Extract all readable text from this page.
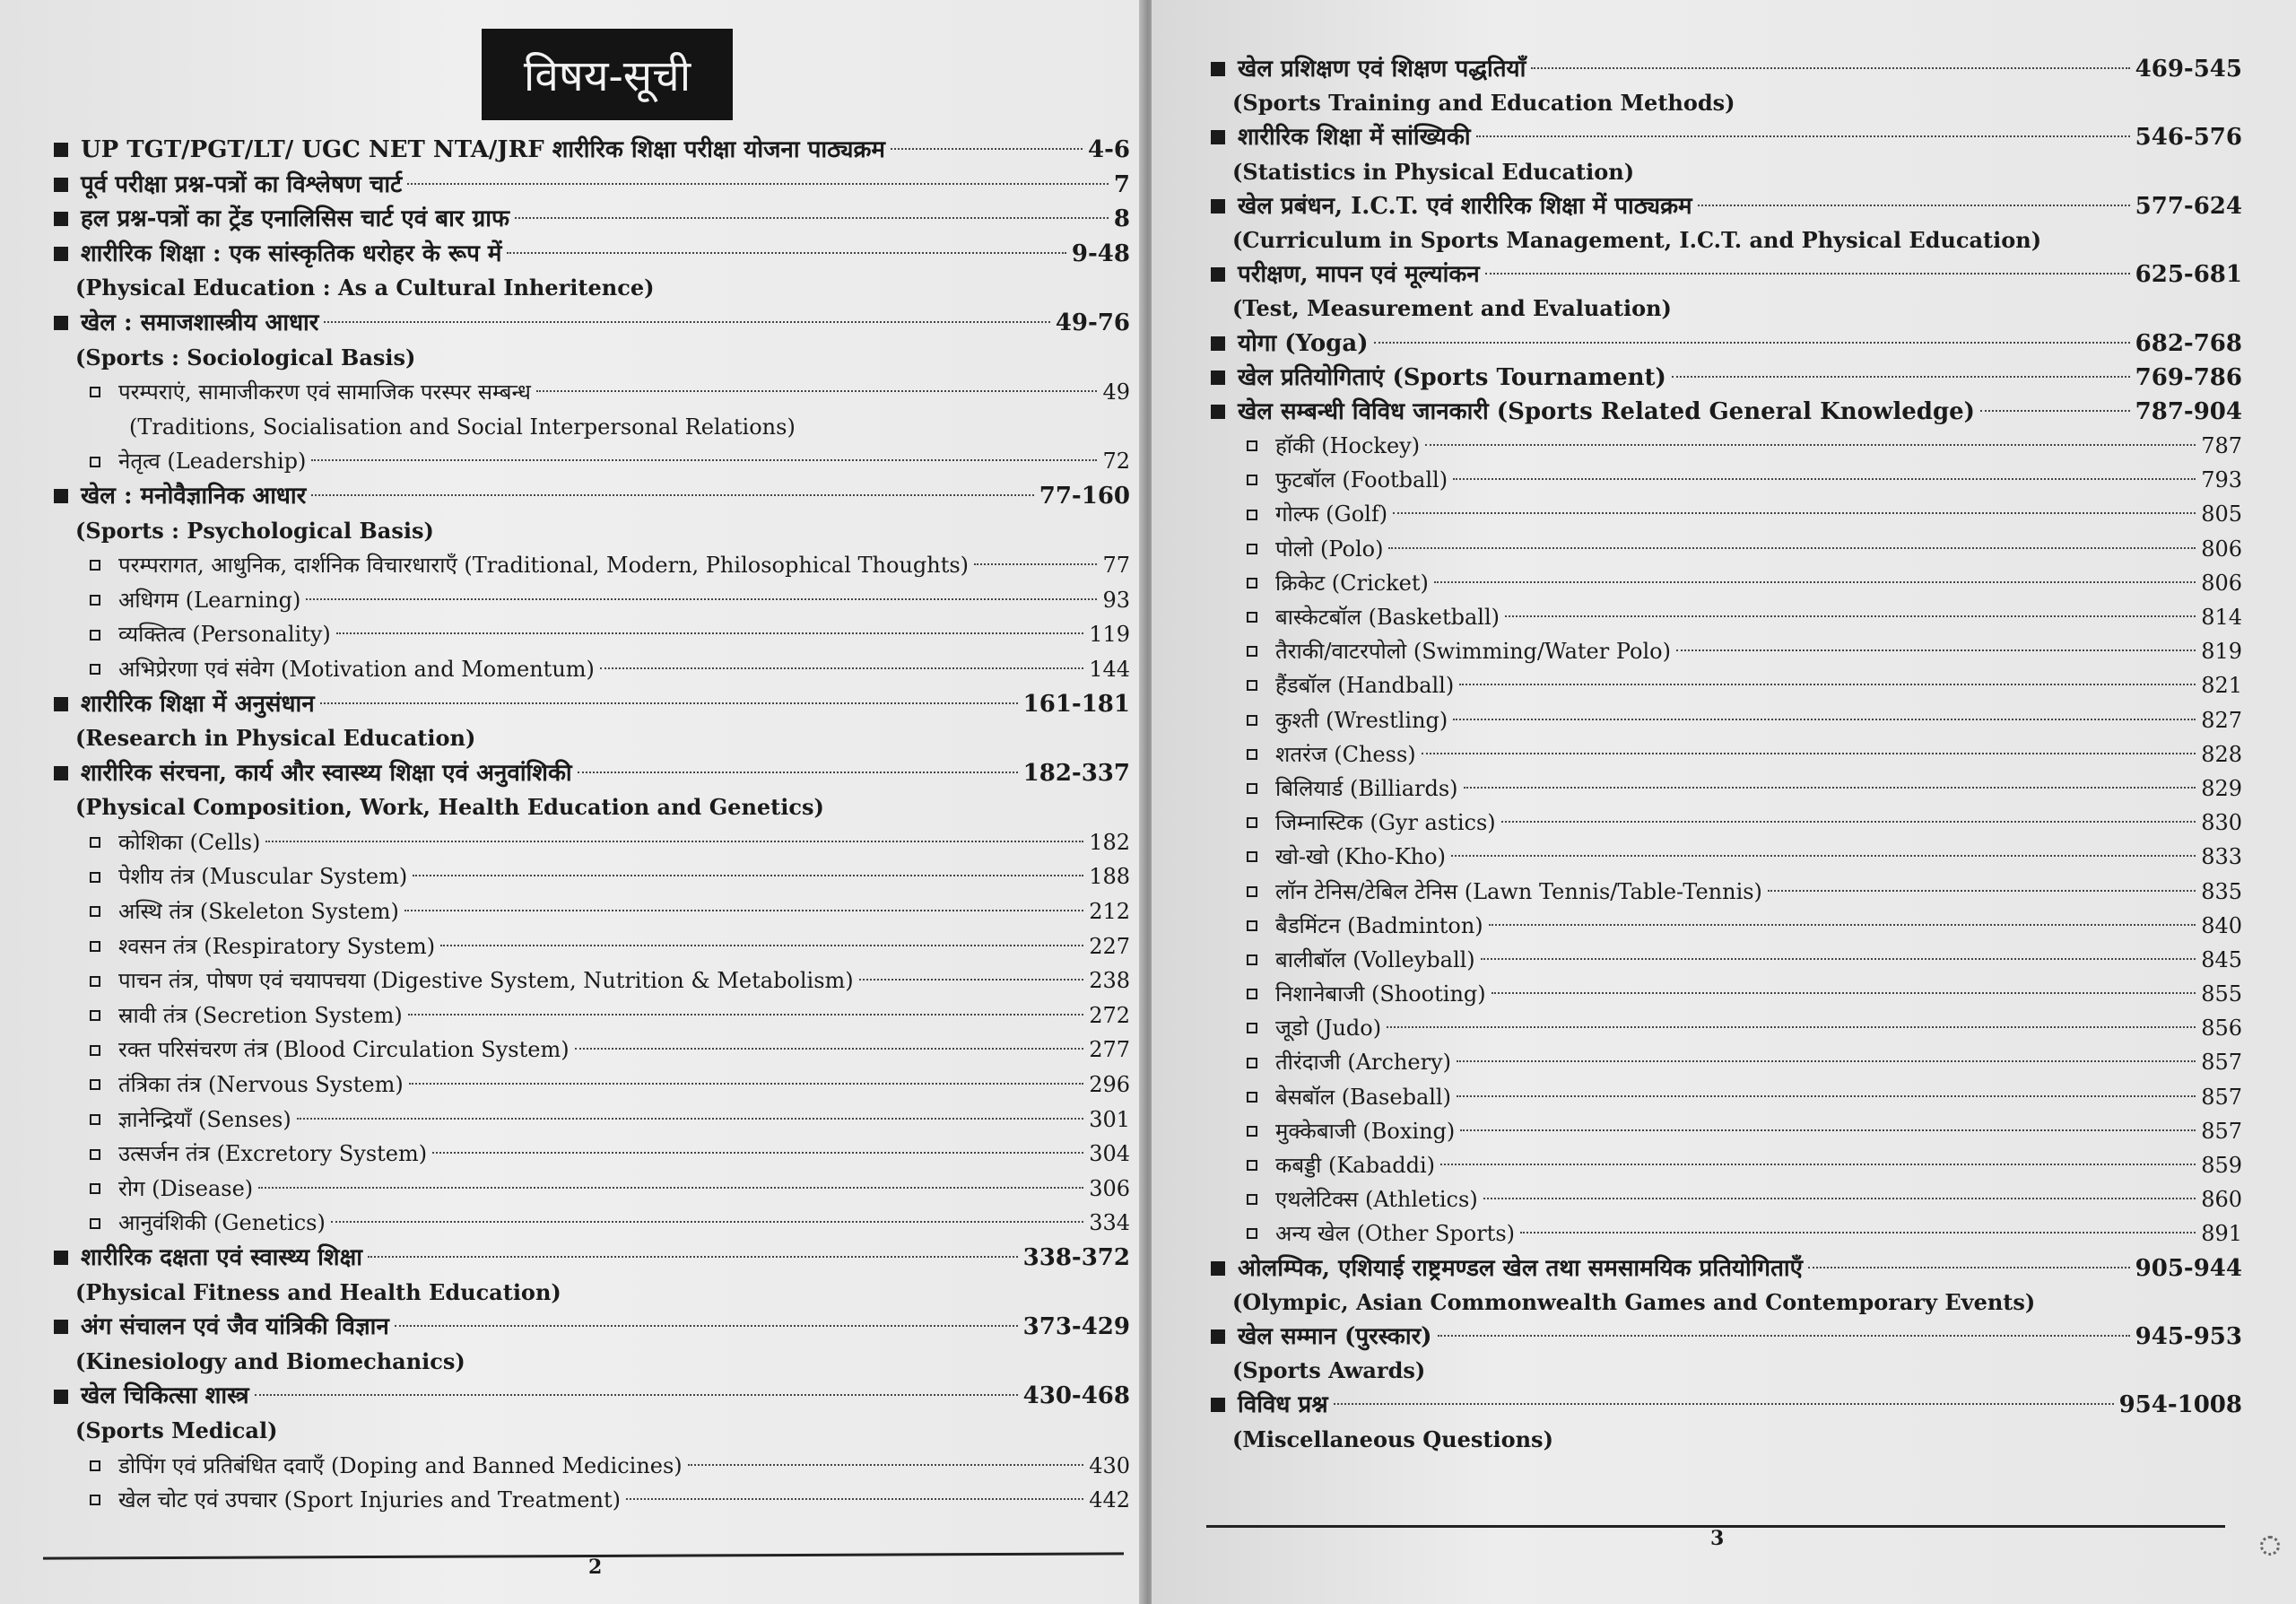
विषय-सूची
UP TGT/PGT/LT/ UGC NET NTA/JRF शारीरिक शिक्षा परीक्षा योजना पाठ्यक्रम	4-6
पूर्व परीक्षा प्रश्न-पत्रों का विश्लेषण चार्ट	7
हल प्रश्न-पत्रों का ट्रेंड एनालिसिस चार्ट एवं बार ग्राफ	8
शारीरिक शिक्षा : एक सांस्कृतिक धरोहर के रूप में	9-48
(Physical Education : As a Cultural Inheritence)
खेल : समाजशास्त्रीय आधार	49-76
(Sports : Sociological Basis)
परम्पराएं, सामाजीकरण एवं सामाजिक परस्पर सम्बन्ध	49
(Traditions, Socialisation and Social Interpersonal Relations)
नेतृत्व (Leadership)	72
खेल : मनोवैज्ञानिक आधार	77-160
(Sports : Psychological Basis)
परम्परागत, आधुनिक, दार्शनिक विचारधाराएँ (Traditional, Modern, Philosophical Thoughts)	77
अधिगम (Learning)	93
व्यक्तित्व (Personality)	119
अभिप्रेरणा एवं संवेग (Motivation and Momentum)	144
शारीरिक शिक्षा में अनुसंधान	161-181
(Research in Physical Education)
शारीरिक संरचना, कार्य और स्वास्थ्य शिक्षा एवं अनुवांशिकी	182-337
(Physical Composition, Work, Health Education and Genetics)
कोशिका (Cells)	182
पेशीय तंत्र (Muscular System)	188
अस्थि तंत्र (Skeleton System)	212
श्वसन तंत्र (Respiratory System)	227
पाचन तंत्र, पोषण एवं चयापचया (Digestive System, Nutrition & Metabolism)	238
स्रावी तंत्र (Secretion System)	272
रक्त परिसंचरण तंत्र (Blood Circulation System)	277
तंत्रिका तंत्र (Nervous System)	296
ज्ञानेन्द्रियाँ (Senses)	301
उत्सर्जन तंत्र (Excretory System)	304
रोग (Disease)	306
आनुवंशिकी (Genetics)	334
शारीरिक दक्षता एवं स्वास्थ्य शिक्षा	338-372
(Physical Fitness and Health Education)
अंग संचालन एवं जैव यांत्रिकी विज्ञान	373-429
(Kinesiology and Biomechanics)
खेल चिकित्सा शास्त्र	430-468
(Sports Medical)
डोपिंग एवं प्रतिबंधित दवाएँ (Doping and Banned Medicines)	430
खेल चोट एवं उपचार (Sport Injuries and Treatment)	442
2
खेल प्रशिक्षण एवं शिक्षण पद्धतियाँ	469-545
(Sports Training and Education Methods)
शारीरिक शिक्षा में सांख्यिकी	546-576
(Statistics in Physical Education)
खेल प्रबंधन, I.C.T. एवं शारीरिक शिक्षा में पाठ्यक्रम	577-624
(Curriculum in Sports Management, I.C.T. and Physical Education)
परीक्षण, मापन एवं मूल्यांकन	625-681
(Test, Measurement and Evaluation)
योगा (Yoga)	682-768
खेल प्रतियोगिताएं (Sports Tournament)	769-786
खेल सम्बन्धी विविध जानकारी (Sports Related General Knowledge)	787-904
हॉकी (Hockey)	787
फुटबॉल (Football)	793
गोल्फ (Golf)	805
पोलो (Polo)	806
क्रिकेट (Cricket)	806
बास्केटबॉल (Basketball)	814
तैराकी/वाटरपोलो (Swimming/Water Polo)	819
हैंडबॉल (Handball)	821
कुश्ती (Wrestling)	827
शतरंज (Chess)	828
बिलियार्ड (Billiards)	829
जिम्नास्टिक (Gyr astics)	830
खो-खो (Kho-Kho)	833
लॉन टेनिस/टेबिल टेनिस (Lawn Tennis/Table-Tennis)	835
बैडमिंटन (Badminton)	840
बालीबॉल (Volleyball)	845
निशानेबाजी (Shooting)	855
जूडो (Judo)	856
तीरंदाजी (Archery)	857
बेसबॉल (Baseball)	857
मुक्केबाजी (Boxing)	857
कबड्डी (Kabaddi)	859
एथलेटिक्स (Athletics)	860
अन्य खेल (Other Sports)	891
ओलम्पिक, एशियाई राष्ट्रमण्डल खेल तथा समसामयिक प्रतियोगिताएँ	905-944
(Olympic, Asian Commonwealth Games and Contemporary Events)
खेल सम्मान (पुरस्कार)	945-953
(Sports Awards)
विविध प्रश्न	954-1008
(Miscellaneous Questions)
3
